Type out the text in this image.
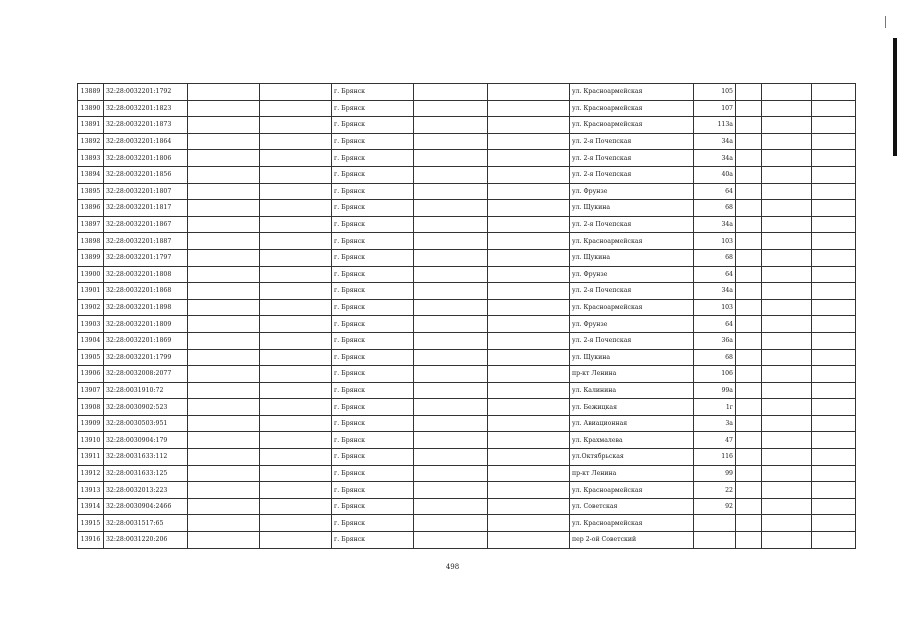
13889	32:28:0032201:1792			г. Брянск			ул. Красноармейская	105			
13890	32:28:0032201:1823			г. Брянск			ул. Красноармейская	107			
13891	32:28:0032201:1873			г. Брянск			ул. Красноармейская	113а			
13892	32:28:0032201:1864			г. Брянск			ул. 2-я Почепская	34а			
13893	32:28:0032201:1806			г. Брянск			ул. 2-я Почепская	34а			
13894	32:28:0032201:1856			г. Брянск			ул. 2-я Почепская	40а			
13895	32:28:0032201:1807			г. Брянск			ул. Фрунзе	64			
13896	32:28:0032201:1817			г. Брянск			ул. Щукина	68			
13897	32:28:0032201:1867			г. Брянск			ул. 2-я Почепская	34а			
13898	32:28:0032201:1887			г. Брянск			ул. Красноармейская	103			
13899	32:28:0032201:1797			г. Брянск			ул. Щукина	68			
13900	32:28:0032201:1808			г. Брянск			ул. Фрунзе	64			
13901	32:28:0032201:1868			г. Брянск			ул. 2-я Почепская	34а			
13902	32:28:0032201:1898			г. Брянск			ул. Красноармейская	103			
13903	32:28:0032201:1809			г. Брянск			ул. Фрунзе	64			
13904	32:28:0032201:1869			г. Брянск			ул. 2-я Почепская	36а			
13905	32:28:0032201:1799			г. Брянск			ул. Щукина	68			
13906	32:28:0032008:2077			г. Брянск			пр-кт Ленина	106			
13907	32:28:0031910:72			г. Брянск			ул. Калинина	99а			
13908	32:28:0030902:523			г. Брянск			ул. Бежицкая	1г			
13909	32:28:0030503:951			г. Брянск			ул. Авиационная	3а			
13910	32:28:0030904:179			г. Брянск			ул. Крахмалева	47			
13911	32:28:0031633:112			г. Брянск			ул.Октябрьская	116			
13912	32:28:0031633:125			г. Брянск			пр-кт Ленина	99			
13913	32:28:0032013:223			г. Брянск			ул. Красноармейская	22			
13914	32:28:0030904:2466			г. Брянск			ул. Советская	92			
13915	32:28:0031517:65			г. Брянск			ул. Красноармейская				
13916	32:28:0031220:206			г. Брянск			пер 2-ой Советский				
498
